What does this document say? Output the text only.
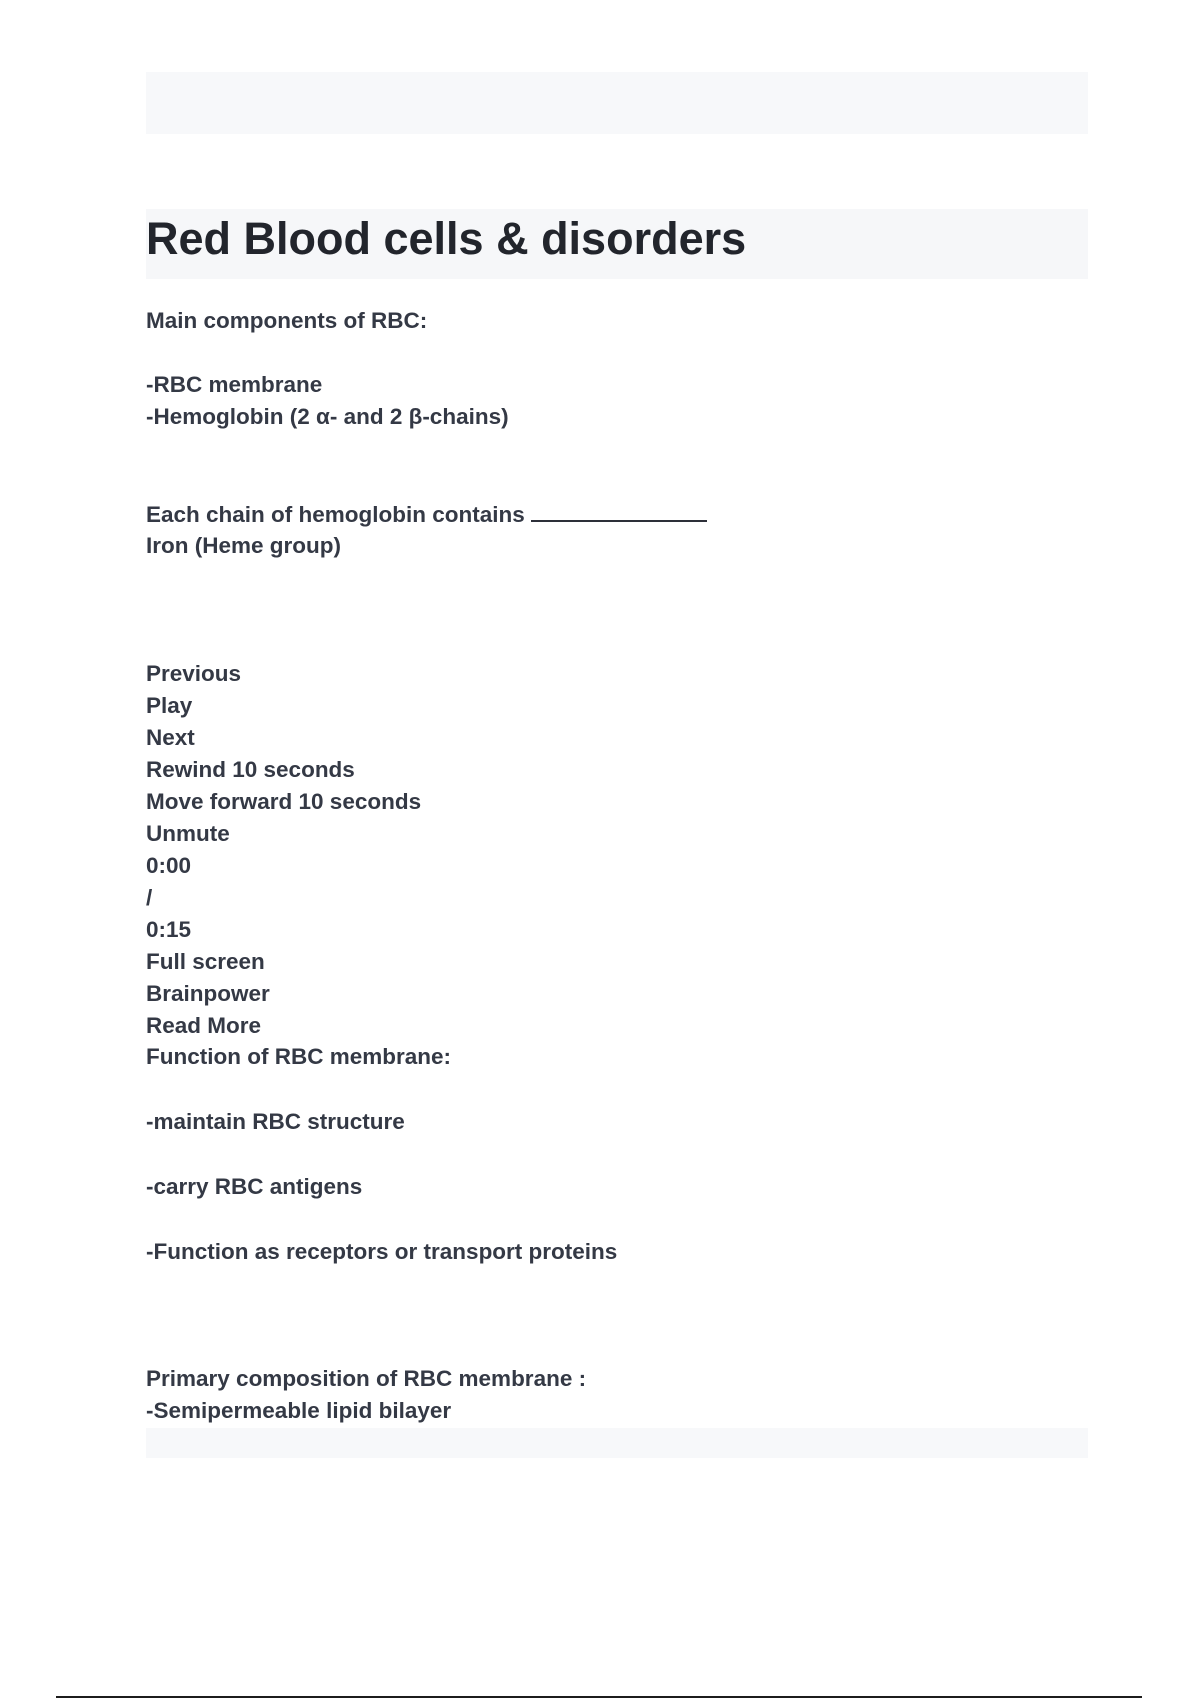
Red Blood cells & disorders

Main components of RBC:

-RBC membrane

-Hemoglobin (2 α- and 2 β-chains)

Each chain of hemoglobin contains

Iron (Heme group)

Previous

Play

Next

Rewind 10 seconds

Move forward 10 seconds

Unmute

0:00

/

0:15

Full screen

Brainpower

Read More

Function of RBC membrane:

-maintain RBC structure

-carry RBC antigens

-Function as receptors or transport proteins

Primary composition of RBC membrane :

-Semipermeable lipid bilayer
